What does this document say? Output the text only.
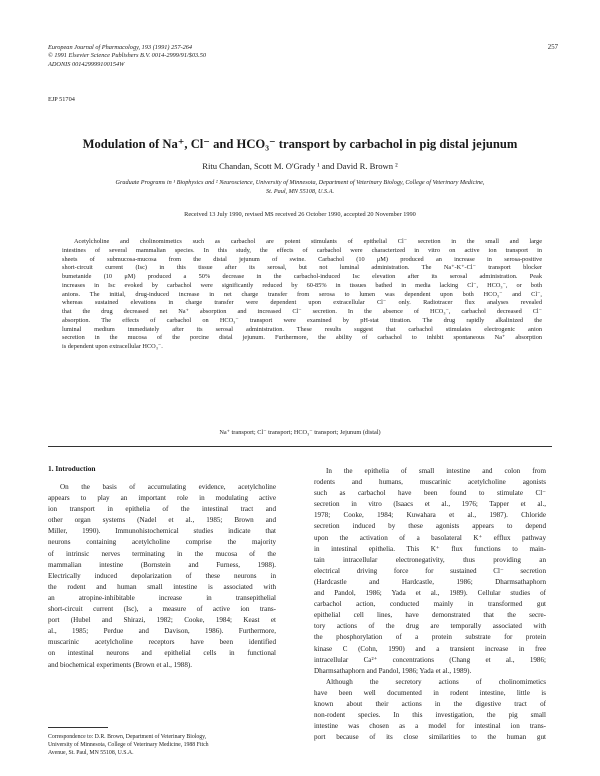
European Journal of Pharmacology, 193 (1991) 257-264
© 1991 Elsevier Science Publishers B.V. 0014-2999/91/$03.50
ADONIS 001429999100154W
257
EJP 51704
Modulation of Na⁺, Cl⁻ and HCO₃⁻ transport by carbachol in pig distal jejunum
Ritu Chandan, Scott M. O'Grady ¹ and David R. Brown ²
Graduate Programs in ¹ Biophysics and ² Neuroscience, University of Minnesota, Department of Veterinary Biology, College of Veterinary Medicine,
St. Paul, MN 55108, U.S.A.
Received 13 July 1990, revised MS received 26 October 1990, accepted 20 November 1990
Acetylcholine and cholinomimetics such as carbachol are potent stimulants of epithelial Cl⁻ secretion in the small and large
intestines of several mammalian species. In this study, the effects of carbachol were characterized in vitro on active ion transport in
sheets of submucosa-mucosa from the distal jejunum of swine. Carbachol (10 μM) produced an increase in serosa-positive
short-circuit current (Isc) in this tissue after its serosal, but not luminal administration. The Na⁺-K⁺-Cl⁻ transport blocker
bumetanide (10 μM) produced a 50% decrease in the carbachol-induced Isc elevation after its serosal administration. Peak
increases in Isc evoked by carbachol were significantly reduced by 60-85% in tissues bathed in media lacking Cl⁻, HCO₃⁻, or both
anions. The initial, drug-induced increase in net charge transfer from serosa to lumen was dependent upon both HCO₃⁻ and Cl⁻,
whereas sustained elevations in charge transfer were dependent upon extracellular Cl⁻ only. Radiotracer flux analyses revealed
that the drug decreased net Na⁺ absorption and increased Cl⁻ secretion. In the absence of HCO₃⁻, carbachol decreased Cl⁻
absorption. The effects of carbachol on HCO₃⁻ transport were examined by pH-stat titration. The drug rapidly alkalinized the
luminal medium immediately after its serosal administration. These results suggest that carbachol stimulates electrogenic anion
secretion in the mucosa of the porcine distal jejunum. Furthermore, the ability of carbachol to inhibit spontaneous Na⁺ absorption
is dependent upon extracellular HCO₃⁻.
Na⁺ transport; Cl⁻ transport; HCO₃⁻ transport; Jejunum (distal)
1. Introduction
On the basis of accumulating evidence, acetylcholine
appears to play an important role in modulating active
ion transport in epithelia of the intestinal tract and
other organ systems (Nadel et al., 1985; Brown and
Miller, 1990). Immunohistochemical studies indicate that
neurons containing acetylcholine comprise the majority
of intrinsic nerves terminating in the mucosa of the
mammalian intestine (Bornstein and Furness, 1988).
Electrically induced depolarization of these neurons in
the rodent and human small intestine is associated with
an atropine-inhibitable increase in transepithelial
short-circuit current (Isc), a measure of active ion trans-
port (Hubel and Shirazi, 1982; Cooke, 1984; Keast et
al., 1985; Perdue and Davison, 1986). Furthermore,
muscarinic acetylcholine receptors have been identified
on intestinal neurons and epithelial cells in functional
and biochemical experiments (Brown et al., 1988).
In the epithelia of small intestine and colon from
rodents and humans, muscarinic acetylcholine agonists
such as carbachol have been found to stimulate Cl⁻
secretion in vitro (Isaacs et al., 1976; Tapper et al.,
1978; Cooke, 1984; Kuwahara et al., 1987). Chloride
secretion induced by these agonists appears to depend
upon the activation of a basolateral K⁺ efflux pathway
in intestinal epithelia. This K⁺ flux functions to main-
tain intracellular electronegativity, thus providing an
electrical driving force for sustained Cl⁻ secretion
(Hardcastle and Hardcastle, 1986; Dharmsathaphorn
and Pandol, 1986; Yada et al., 1989). Cellular studies of
carbachol action, conducted mainly in transformed gut
epithelial cell lines, have demonstrated that the secre-
tory actions of the drug are temporally associated with
the phosphorylation of a protein substrate for protein
kinase C (Cohn, 1990) and a transient increase in free
intracellular Ca²⁺ concentrations (Chang et al., 1986;
Dharmsathaphorn and Pandol, 1986; Yada et al., 1989).
Although the secretory actions of cholinomimetics
have been well documented in rodent intestine, little is
known about their actions in the digestive tract of
non-rodent species. In this investigation, the pig small
intestine was chosen as a model for intestinal ion trans-
port because of its close similarities to the human gut
Correspondence to: D.R. Brown, Department of Veterinary Biology,
University of Minnesota, College of Veterinary Medicine, 1988 Fitch
Avenue, St. Paul, MN 55108, U.S.A.
